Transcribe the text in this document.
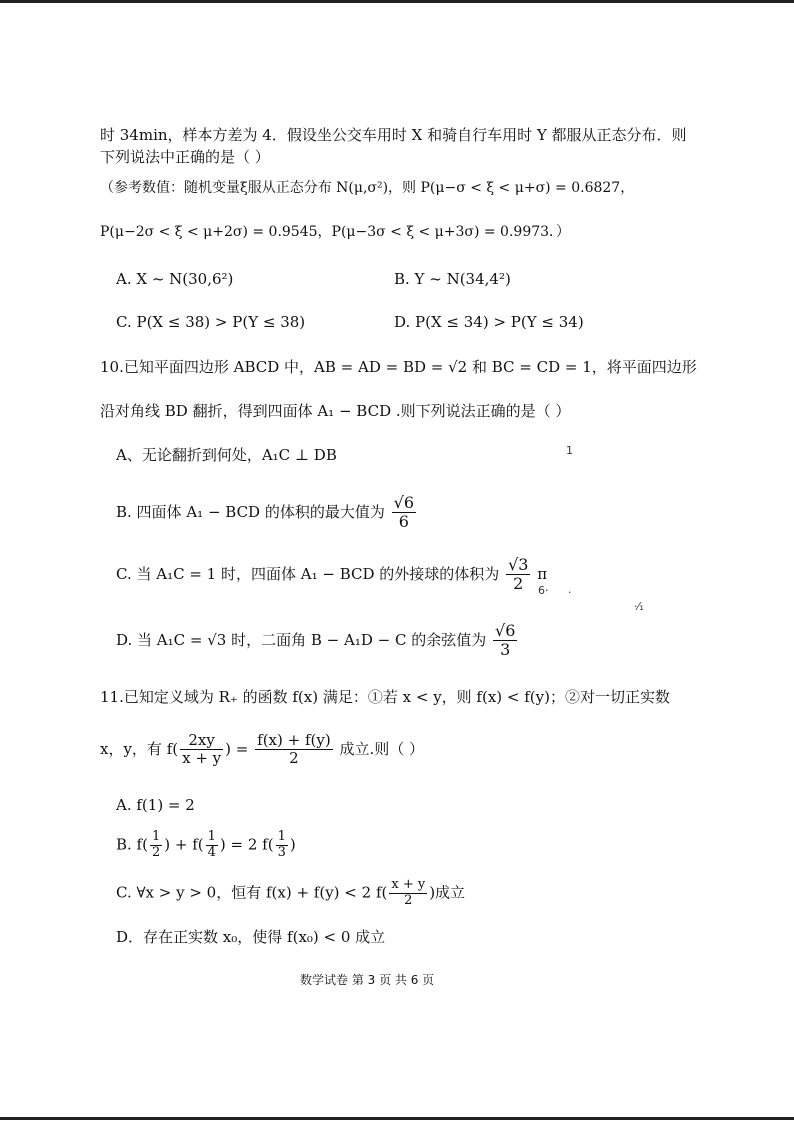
时 34min，样本方差为 4．假设坐公交车用时 X 和骑自行车用时 Y 都服从正态分布．则
下列说法中正确的是（ ）
（参考数值：随机变量ξ服从正态分布 N(μ,σ²)，则 P(μ−σ < ξ < μ+σ) = 0.6827，
P(μ−2σ < ξ < μ+2σ) = 0.9545，P(μ−3σ < ξ < μ+3σ) = 0.9973．）
A. X ~ N(30,6²)	B. Y ~ N(34,4²)
C. P(X ≤ 38) > P(Y ≤ 38)	D. P(X ≤ 34) > P(Y ≤ 34)
10.已知平面四边形 ABCD 中，AB = AD = BD = √2 和 BC = CD = 1，将平面四边形
沿对角线 BD 翻折，得到四面体 A₁ − BCD .则下列说法正确的是（ ）
A、无论翻折到何处，A₁C ⊥ DB
B. 四面体 A₁ − BCD 的体积的最大值为 $\frac{√6}{6}$
C. 当 A₁C = 1 时，四面体 A₁ − BCD 的外接球的体积为 $\frac{√3}{2}$ π
D. 当 A₁C = √3 时，二面角 B − A₁D − C 的余弦值为 $\frac{√6}{3}$
11.已知定义域为 R₊ 的函数 f(x) 满足：①若 x < y，则 f(x) < f(y)；②对一切正实数
x，y，有 $f( \frac{2xy}{x + y}$ ) = $\frac{f(x) + f(y)}{2}$ 成立.则（ ）
A. f(1) = 2
B. $f( \frac{1}{2}$ ) + $f( \frac{1}{4}$ ) = 2 $f( \frac{1}{3}$ )
C. ∀x > y > 0，恒有 f(x) + f(y) < 2 $f( \frac{x + y}{2}$ )成立
D．存在正实数 x₀，使得 f(x₀) < 0 成立
数学试卷 第 3 页 共 6 页
1
6· ·
·⁄₁
